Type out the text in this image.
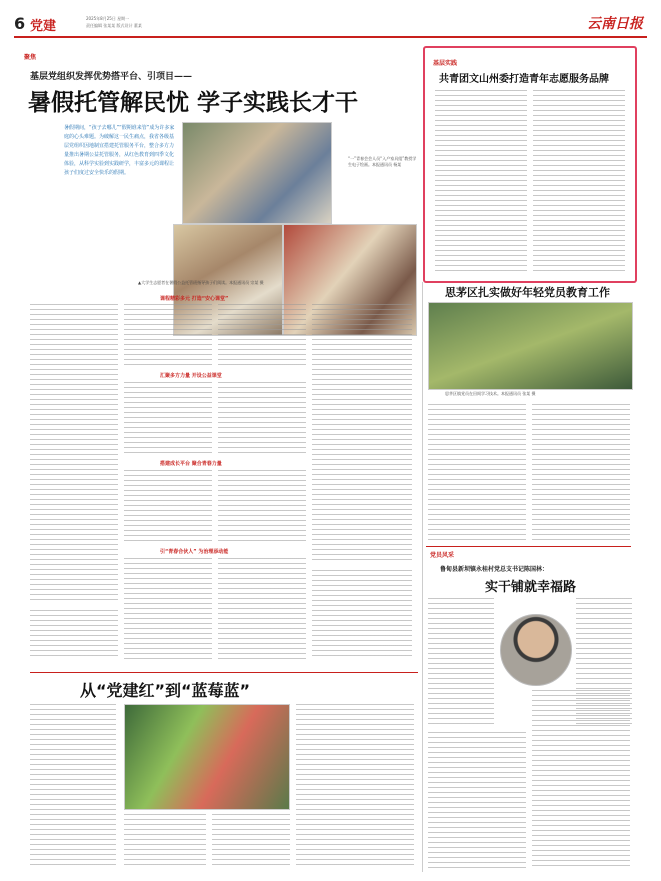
6 党建
2025年8月25日 星期一
责任编辑 张某某 版式设计 董某	云南日报
聚焦
基层党组织发挥优势搭平台、引项目——
暑假托管解民忧 学子实践长才干
暑假期间，“孩子去哪儿”“假期谁来管”成为许多家庭的心头难题。为破解这一民生痛点，我省各级基层党组织因地制宜搭建托管服务平台，整合多方力量推出暑期公益托管服务，从红色教育到四季文化体验，从科学实验到实践研学，丰富多元的课程让孩子们度过安全快乐的假期。
“一”青春会会人员“入户家具组”教授学生电子绘画。本报通讯员 杨某
▲大学生志愿者在暑假公益托管班指导孩子们阅读。本报通讯员 宗某 摄
课程精彩多元 打造“安心课堂”
汇聚多方力量 开设公益课堂
搭建成长平台 聚合青春力量
引“青春合伙人” 为治理添动能
基层实践
共青团文山州委打造青年志愿服务品牌
思茅区扎实做好年轻党员教育工作
思茅区镇党员在田间学习技术。本报通讯员 张某 摄
党员风采
鲁甸县新坝镇永桂村党总支书记陈国林：
实干铺就幸福路
从“党建红”到“蓝莓蓝”
